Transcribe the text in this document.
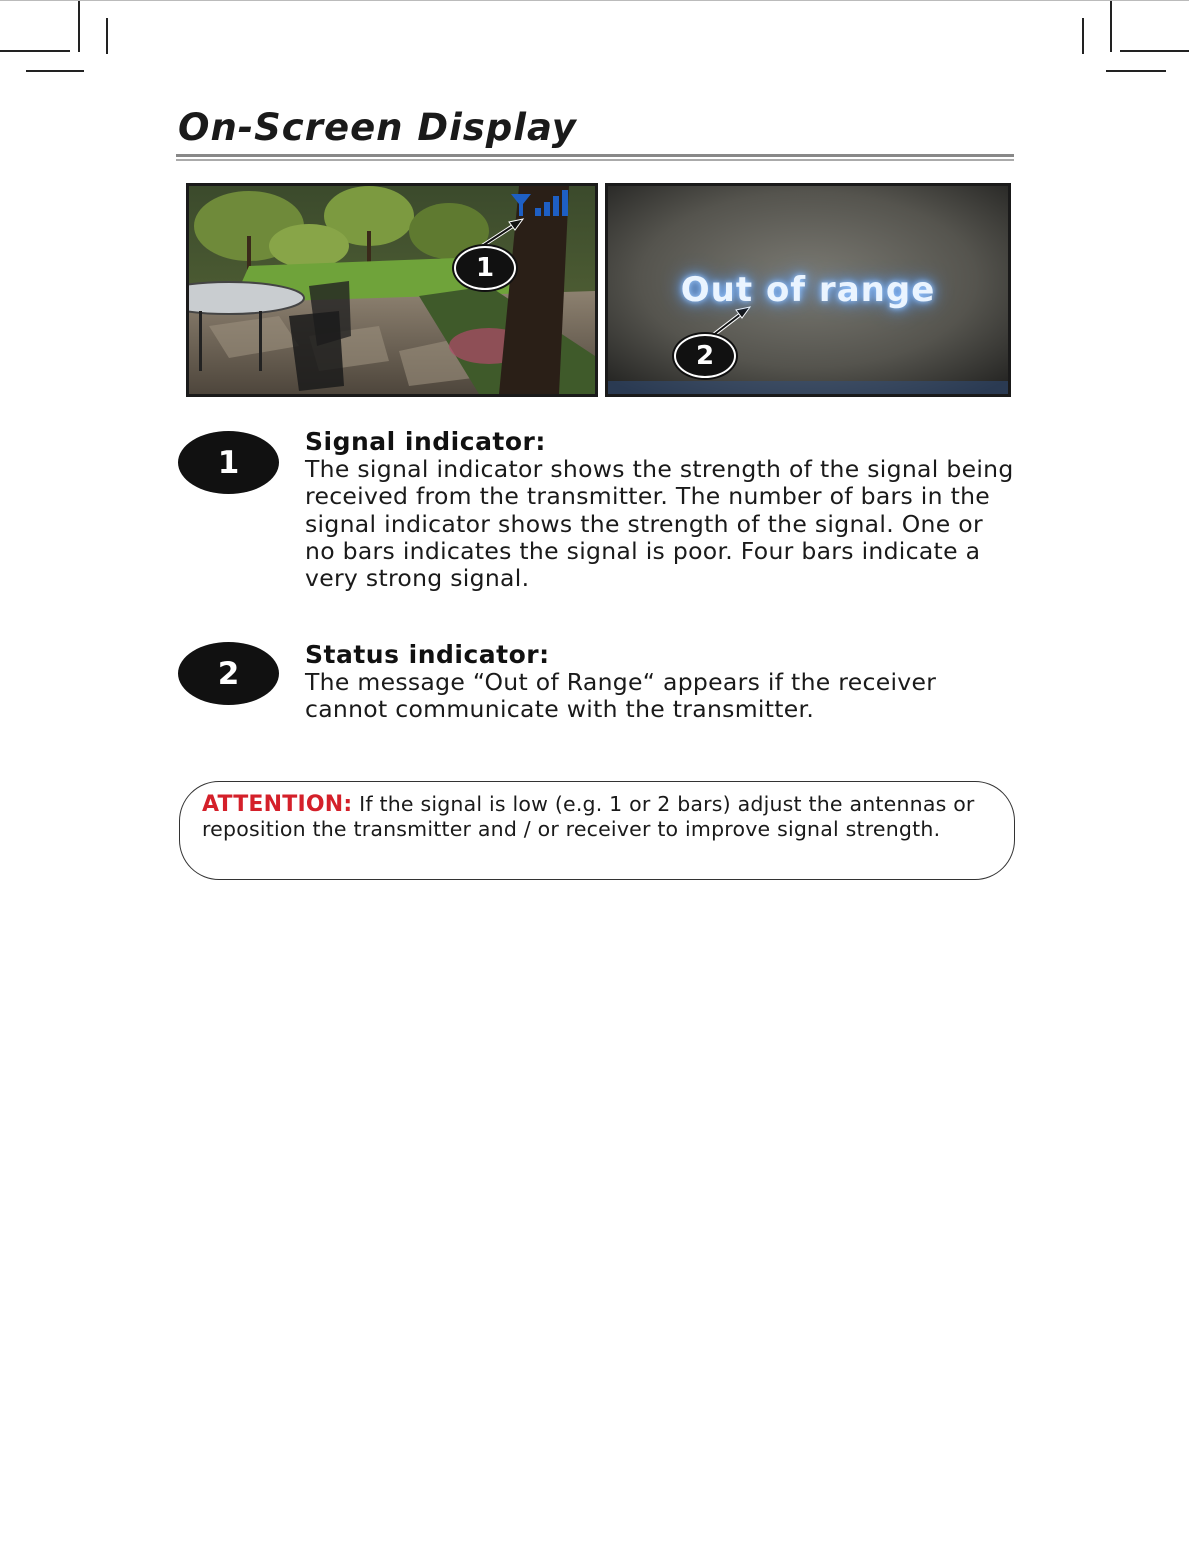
On-Screen Display
1
2
Out of range
1
Signal indicator:
The signal indicator shows the strength of the signal being received from the transmitter. The number of bars in the signal indicator shows the strength of the signal. One or no bars indicates the signal is poor. Four bars indicate a very strong signal.
2
Status indicator:
The message “Out of Range“ appears if the receiver cannot communicate with the transmitter.
ATTENTION: If the signal is low (e.g. 1 or 2 bars) adjust the antennas or reposition the transmitter and / or receiver to improve signal strength.
